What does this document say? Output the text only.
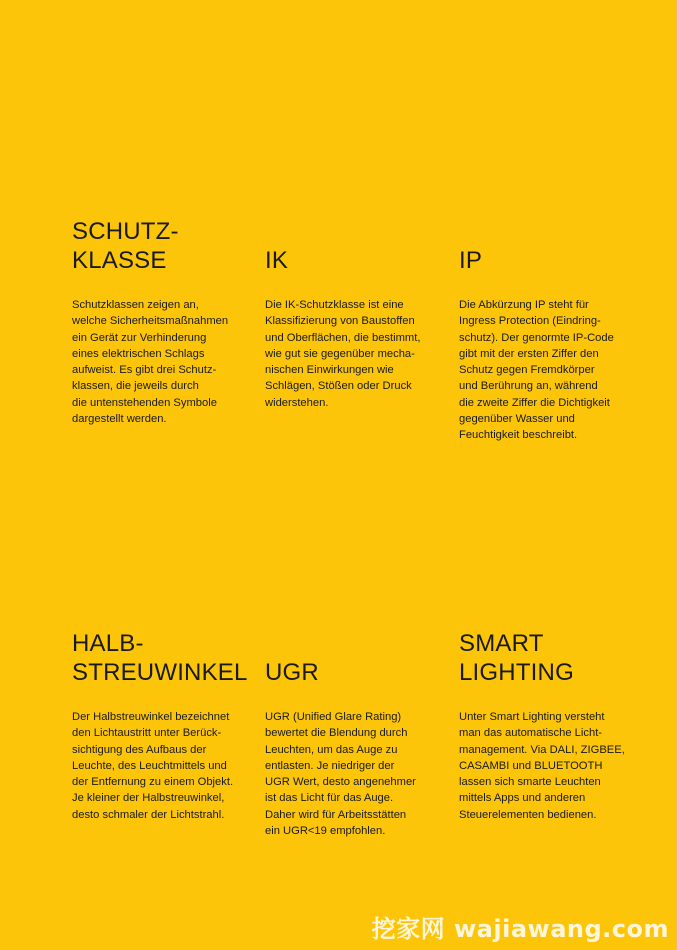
SCHUTZ-
KLASSE
Schutzklassen zeigen an,
welche Sicherheitsmaßnahmen
ein Gerät zur Verhinderung
eines elektrischen Schlags
aufweist. Es gibt drei Schutz-
klassen, die jeweils durch
die untenstehenden Symbole
dargestellt werden.
IK
Die IK-Schutzklasse ist eine
Klassifizierung von Baustoffen
und Oberflächen, die bestimmt,
wie gut sie gegenüber mecha-
nischen Einwirkungen wie
Schlägen, Stößen oder Druck
widerstehen.
IP
Die Abkürzung IP steht für
Ingress Protection (Eindring-
schutz). Der genormte IP-Code
gibt mit der ersten Ziffer den
Schutz gegen Fremdkörper
und Berührung an, während
die zweite Ziffer die Dichtigkeit
gegenüber Wasser und
Feuchtigkeit beschreibt.
HALB-
STREUWINKEL
Der Halbstreuwinkel bezeichnet
den Lichtaustritt unter Berück-
sichtigung des Aufbaus der
Leuchte, des Leuchtmittels und
der Entfernung zu einem Objekt.
Je kleiner der Halbstreuwinkel,
desto schmaler der Lichtstrahl.
UGR
UGR (Unified Glare Rating)
bewertet die Blendung durch
Leuchten, um das Auge zu
entlasten. Je niedriger der
UGR Wert, desto angenehmer
ist das Licht für das Auge.
Daher wird für Arbeitsstätten
ein UGR<19 empfohlen.
SMART
LIGHTING
Unter Smart Lighting versteht
man das automatische Licht-
management. Via DALI, ZIGBEE,
CASAMBI und BLUETOOTH
lassen sich smarte Leuchten
mittels Apps und anderen
Steuerelementen bedienen.
挖家网 wajiawang.com
